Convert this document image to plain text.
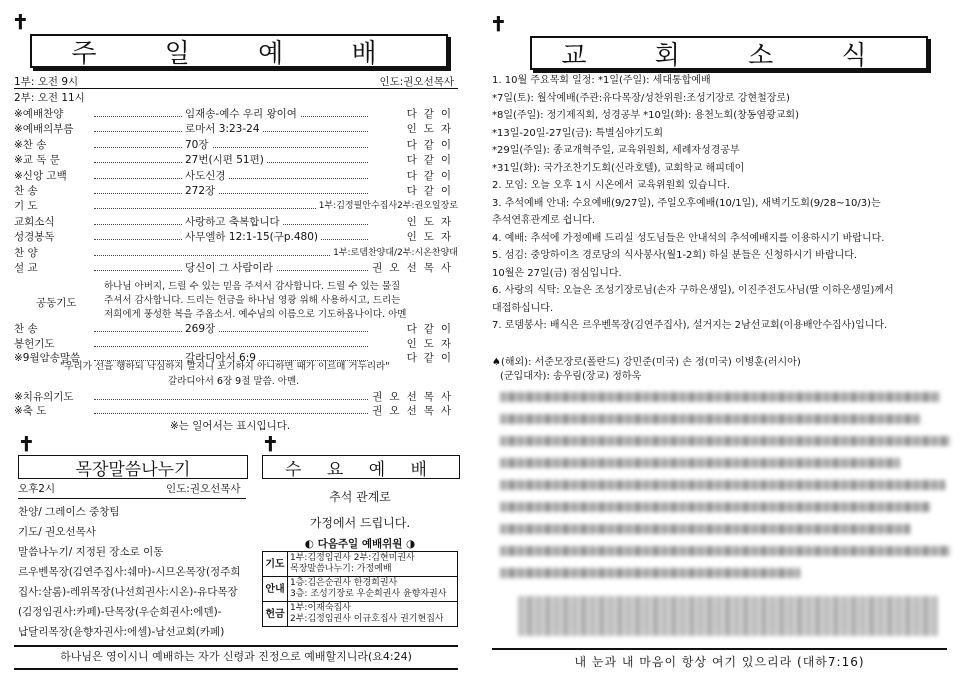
✝
주 일 예 배
1부: 오전 9시
2부: 오전 11시
인도:권오선목사
※예배찬양	임재송-예수 우리 왕이여	다같이
※예배의부름	로마서 3:23-24	인도자
※찬 송	70장	다같이
※교 독 문	27번(시편 51편)	다같이
※신앙 고백	사도신경	다같이
찬 송	272장	다같이
기 도	1부:김정필안수집사2부:권오일장로
교회소식	사랑하고 축복합니다	인도자
성경봉독	사무엘하 12:1-15(구p.480)	인도자
찬 양	1부:로뎀찬양대/2부:시온찬양대
설 교	당신이 그 사람이라	권오선목사
공동기도
하나님 아버지, 드릴 수 있는 믿음 주셔서 감사합니다. 드릴 수 있는 물질
주셔서 감사합니다. 드리는 헌금을 하나님 영광 위해 사용하시고, 드리는
저희에게 풍성한 복을 주옵소서. 예수님의 이름으로 기도하옵나이다. 아멘
찬 송	269장	다같이
봉헌기도	인도자
※9월암송말씀	갈라디아서 6:9	다같이
"우리가 선을 행하되 낙심하지 말지니 포기하지 아니하면 때가 이르매 거두리라"
갈라디아서 6장 9절 말씀. 아멘.
※치유의기도	권오선목사
※축 도	권오선목사
※는 일어서는 표시입니다.
✝
목장말씀나누기
오후2시	인도:권오선목사
찬양/ 그레이스 중창팀
기도/ 권오선목사
말씀나누기/ 지정된 장소로 이동
르우벤목장(김연주집사:쉐마)-시므온목장(정주희
집사:살롬)-레위목장(나선희권사:시온)-유다목장
(김정임권사:카페)-단목장(우순희권사:에덴)-
납달리목장(윤향자권사:에셀)-남선교회(카페)
✝
수 요 예 배
추석 관계로
가정에서 드립니다.
◐ 다음주일 예배위원 ◑
기도	1부:김정임권사 2부:김현미권사
목장말씀나누기: 가정예배

안내	1층:김은순권사 한경희권사
3층: 조성기장로 우순희권사 윤향자권사

헌금	1부:이재숙집사
2부:김정임권사 이규호집사 권기현집사
하나님은 영이시니 예배하는 자가 신령과 진정으로 예배할지니라(요4:24)
✝
교 회 소 식
1. 10월 주요목회 일정: *1일(주일): 세대통합예배
*7일(토): 월삭예배(주관:유다목장/성찬위원:조성기장로 강현철장로)
*8일(주일): 정기제직회, 성경공부 *10일(화): 용천노회(창동염광교회)
*13일-20일-27일(금): 특별심야기도회
*29일(주일): 종교개혁주일, 교육위원회, 세례자성경공부
*31일(화): 국가조찬기도회(신라호텔), 교회학교 해피데이
2. 모임: 오늘 오후 1시 시온에서 교육위원회 있습니다.
3. 추석예배 안내: 수요예배(9/27일), 주일오후예배(10/1일), 새벽기도회(9/28~10/3)는
추석연휴관계로 쉽니다.
4. 예배: 추석에 가정예배 드리실 성도님들은 안내석의 추석예배지를 이용하시기 바랍니다.
5. 섬김: 중앙하이츠 경로당의 식사봉사(월1-2회) 하실 분들은 신청하시기 바랍니다.
10월은 27일(금) 점심입니다.
6. 사랑의 식탁: 오늘은 조성기장로님(손자 구하은생일), 이진주전도사님(딸 이하은생일)께서
대접하십니다.
7. 로뎀봉사: 배식은 르우벤목장(김연주집사), 설거지는 2남선교회(이용배안수집사)입니다.
♠(해외): 서준모장로(폴란드) 강민준(미국) 손 정(미국) 이병훈(러시아)
(군입대자): 송우림(장교) 정하욱
내 눈과 내 마음이 항상 여기 있으리라 (대하7:16)
